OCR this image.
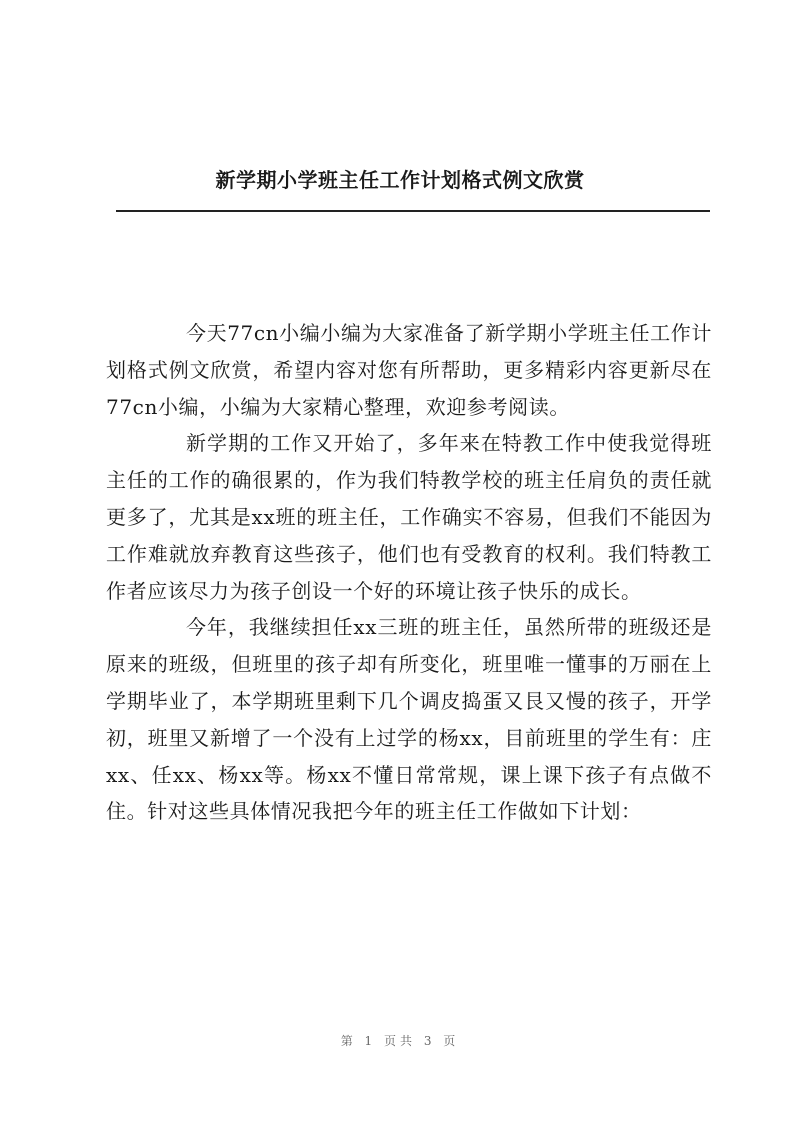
新学期小学班主任工作计划格式例文欣赏

今天77cn小编小编为大家准备了新学期小学班主任工作计划格式例文欣赏，希望内容对您有所帮助，更多精彩内容更新尽在77cn小编，小编为大家精心整理，欢迎参考阅读。

新学期的工作又开始了，多年来在特教工作中使我觉得班主任的工作的确很累的，作为我们特教学校的班主任肩负的责任就更多了，尤其是xx班的班主任，工作确实不容易，但我们不能因为工作难就放弃教育这些孩子，他们也有受教育的权利。我们特教工作者应该尽力为孩子创设一个好的环境让孩子快乐的成长。

今年，我继续担任xx三班的班主任，虽然所带的班级还是原来的班级，但班里的孩子却有所变化，班里唯一懂事的万丽在上学期毕业了，本学期班里剩下几个调皮捣蛋又艮又慢的孩子，开学初，班里又新增了一个没有上过学的杨xx，目前班里的学生有：庄xx、任xx、杨xx等。杨xx不懂日常常规，课上课下孩子有点做不住。针对这些具体情况我把今年的班主任工作做如下计划：

第 1 页共 3 页
